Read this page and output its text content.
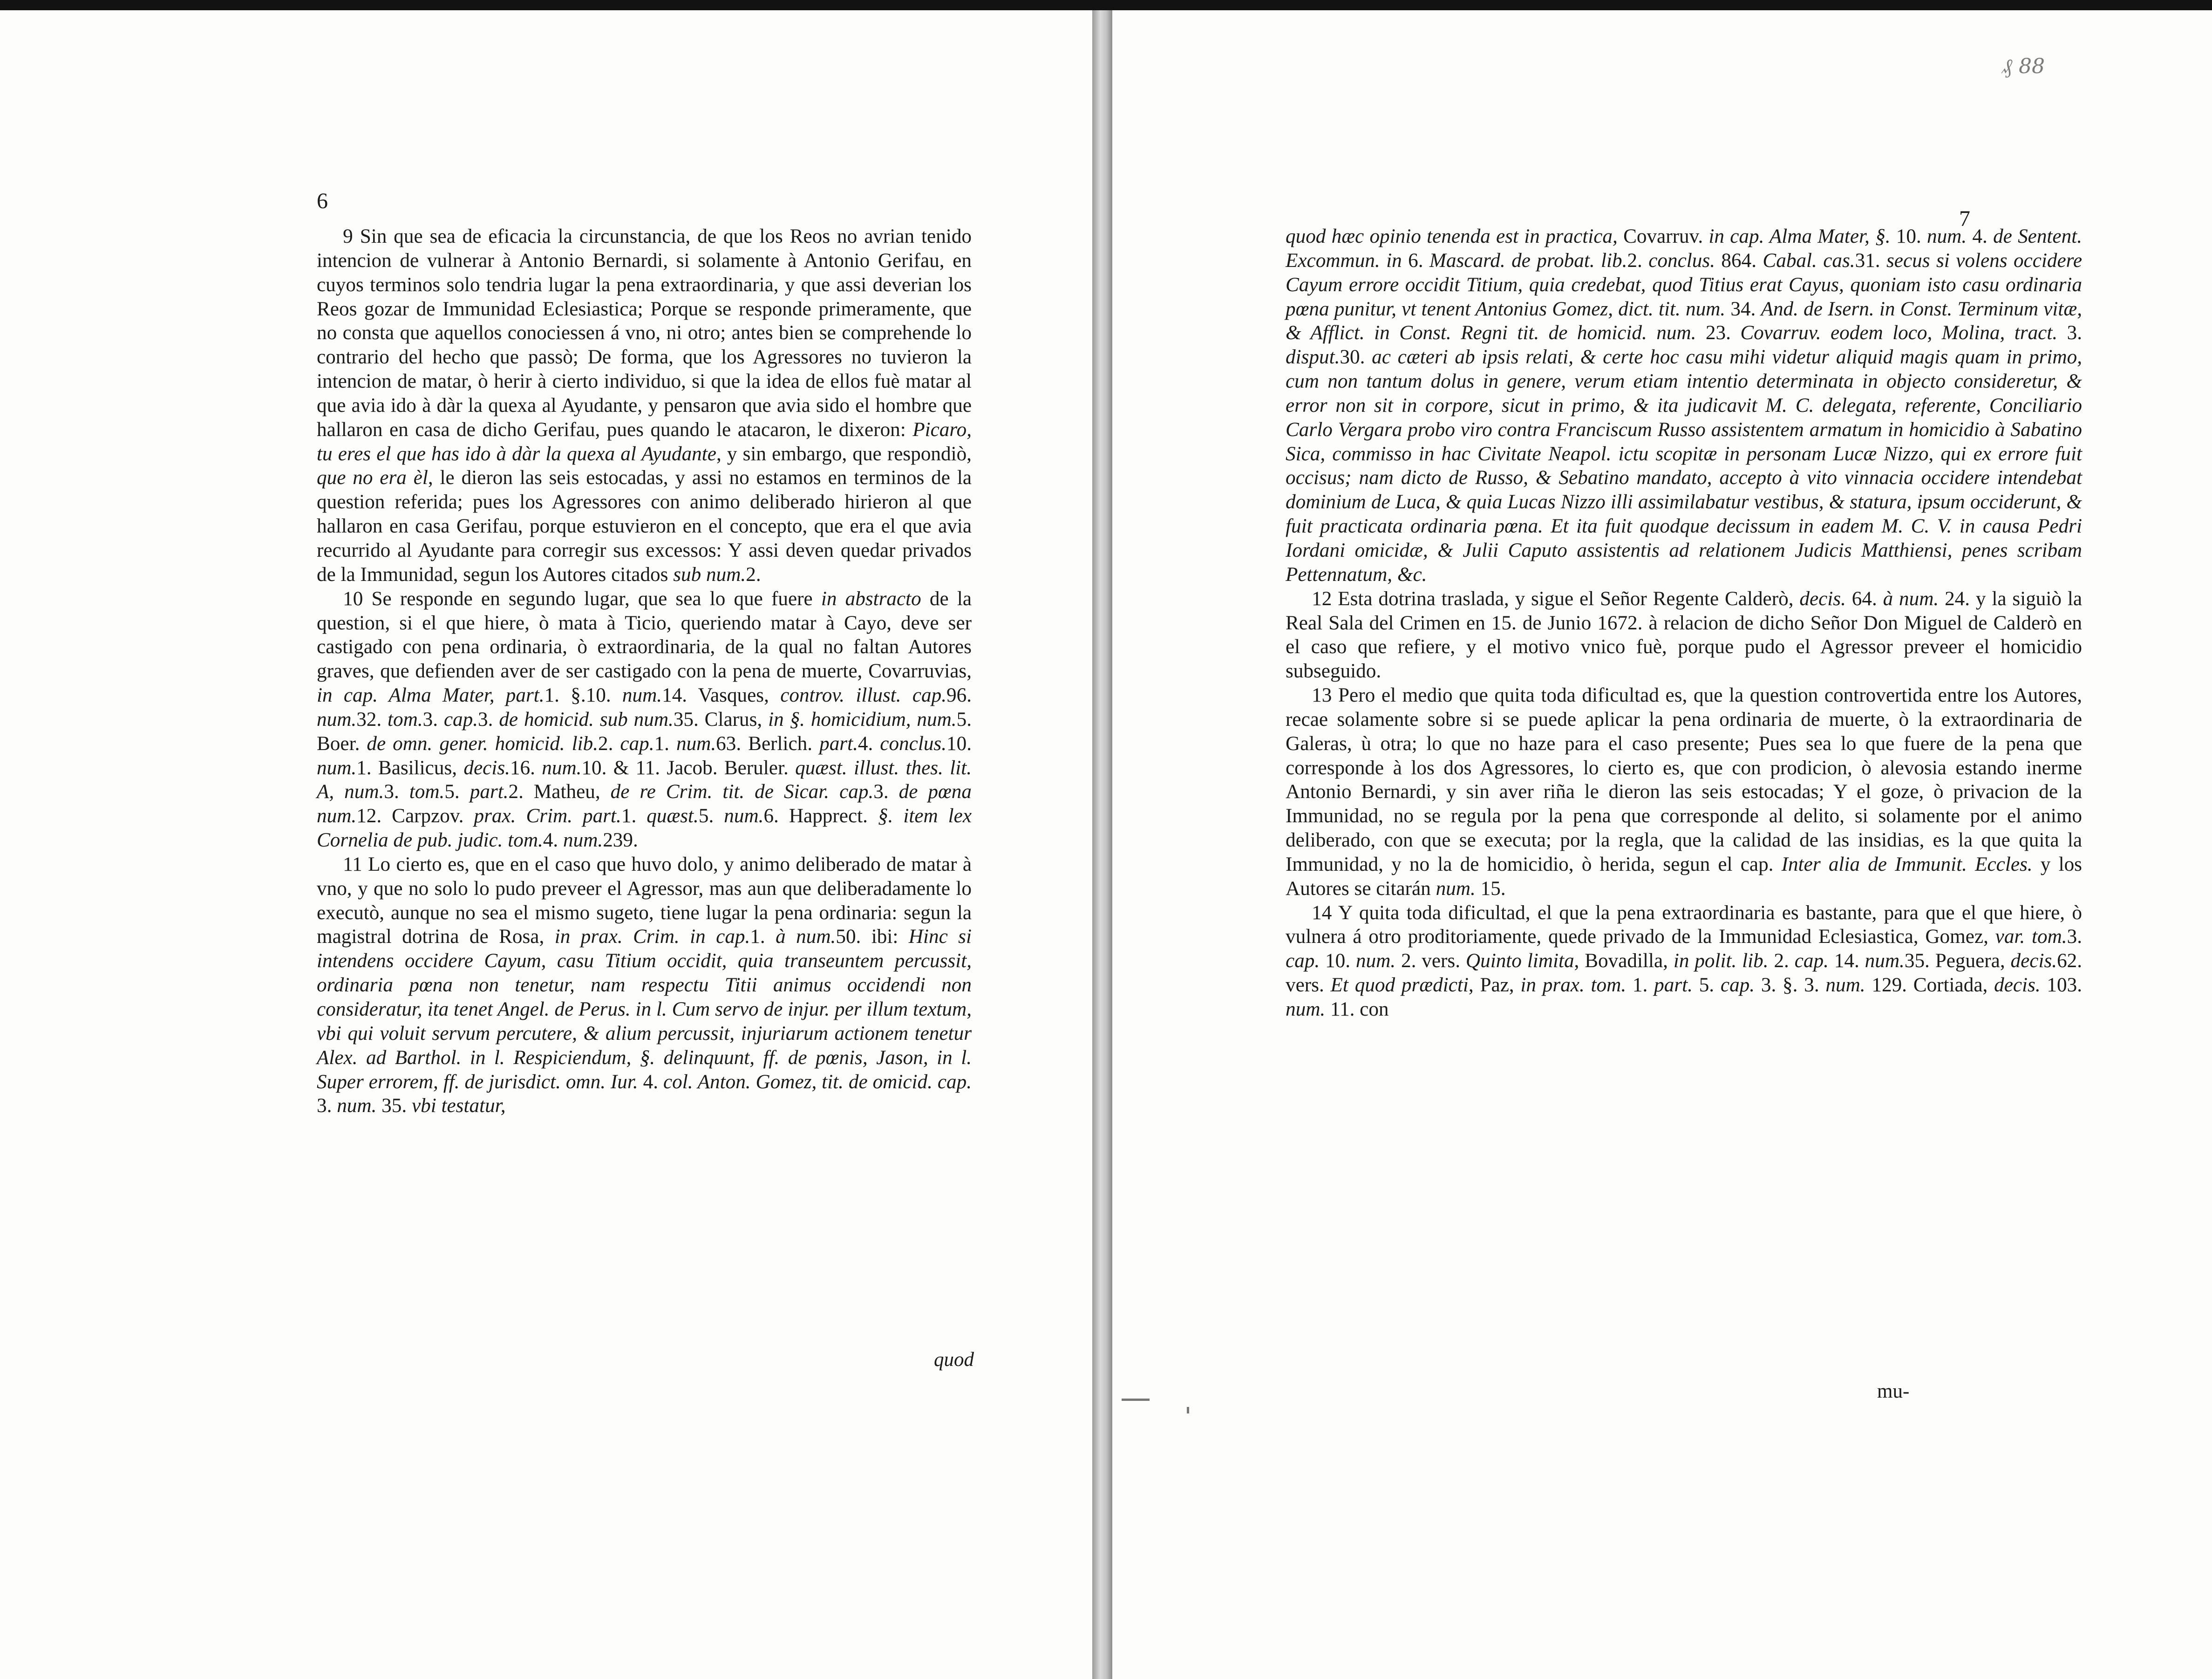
6

9 Sin que sea de eficacia la circunstancia, de que los Reos no avrian tenido intencion de vulnerar à Antonio Bernardi, si solamente à Antonio Gerifau, en cuyos terminos solo tendria lugar la pena extraordinaria, y que assi deverian los Reos gozar de Immunidad Eclesiastica; Porque se responde primeramente, que no consta que aquellos conociessen á vno, ni otro; antes bien se comprehende lo contrario del hecho que passò; De forma, que los Agressores no tuvieron la intencion de matar, ò herir à cierto individuo, si que la idea de ellos fuè matar al que avia ido à dàr la quexa al Ayudante, y pensaron que avia sido el hombre que hallaron en casa de dicho Gerifau, pues quando le atacaron, le dixeron: Picaro, tu eres el que has ido à dàr la quexa al Ayudante, y sin embargo, que respondiò, que no era èl, le dieron las seis estocadas, y assi no estamos en terminos de la question referida; pues los Agressores con animo deliberado hirieron al que hallaron en casa Gerifau, porque estuvieron en el concepto, que era el que avia recurrido al Ayudante para corregir sus excessos: Y assi deven quedar privados de la Immunidad, segun los Autores citados sub num.2.

10 Se responde en segundo lugar, que sea lo que fuere in abstracto de la question, si el que hiere, ò mata à Ticio, queriendo matar à Cayo, deve ser castigado con pena ordinaria, ò extraordinaria, de la qual no faltan Autores graves, que defienden aver de ser castigado con la pena de muerte, Covarruvias, in cap. Alma Mater, part.1. §.10. num.14. Vasques, controv. illust. cap.96. num.32. tom.3. cap.3. de homicid. sub num.35. Clarus, in §. homicidium, num.5. Boer. de omn. gener. homicid. lib.2. cap.1. num.63. Berlich. part.4. conclus.10. num.1. Basilicus, decis.16. num.10. & 11. Jacob. Beruler. quæst. illust. thes. lit. A, num.3. tom.5. part.2. Matheu, de re Crim. tit. de Sicar. cap.3. de pœna num.12. Carpzov. prax. Crim. part.1. quæst.5. num.6. Happrect. §. item lex Cornelia de pub. judic. tom.4. num.239.

11 Lo cierto es, que en el caso que huvo dolo, y animo deliberado de matar à vno, y que no solo lo pudo preveer el Agressor, mas aun que deliberadamente lo executò, aunque no sea el mismo sugeto, tiene lugar la pena ordinaria: segun la magistral dotrina de Rosa, in prax. Crim. in cap.1. à num.50. ibi: Hinc si intendens occidere Cayum, casu Titium occidit, quia transeuntem percussit, ordinaria pœna non tenetur, nam respectu Titii animus occidendi non consideratur, ita tenet Angel. de Perus. in l. Cum servo de injur. per illum textum, vbi qui voluit servum percutere, & alium percussit, injuriarum actionem tenetur Alex. ad Barthol. in l. Respiciendum, §. delinquunt, ff. de pœnis, Jason, in l. Super errorem, ff. de jurisdict. omn. Iur. 4. col. Anton. Gomez, tit. de omicid. cap. 3. num. 35. vbi testatur,

quod
₰ 88
7

quod hæc opinio tenenda est in practica, Covarruv. in cap. Alma Mater, §. 10. num. 4. de Sentent. Excommun. in 6. Mascard. de probat. lib.2. conclus. 864. Cabal. cas.31. secus si volens occidere Cayum errore occidit Titium, quia credebat, quod Titius erat Cayus, quoniam isto casu ordinaria pœna punitur, vt tenent Antonius Gomez, dict. tit. num. 34. And. de Isern. in Const. Terminum vitæ, & Afflict. in Const. Regni tit. de homicid. num. 23. Covarruv. eodem loco, Molina, tract. 3. disput.30. ac cæteri ab ipsis relati, & certe hoc casu mihi videtur aliquid magis quam in primo, cum non tantum dolus in genere, verum etiam intentio determinata in objecto consideretur, & error non sit in corpore, sicut in primo, & ita judicavit M. C. delegata, referente, Conciliario Carlo Vergara probo viro contra Franciscum Russo assistentem armatum in homicidio à Sabatino Sica, commisso in hac Civitate Neapol. ictu scopitæ in personam Lucæ Nizzo, qui ex errore fuit occisus; nam dicto de Russo, & Sebatino mandato, accepto à vito vinnacia occidere intendebat dominium de Luca, & quia Lucas Nizzo illi assimilabatur vestibus, & statura, ipsum occiderunt, & fuit practicata ordinaria pœna. Et ita fuit quodque decissum in eadem M. C. V. in causa Pedri Iordani omicidæ, & Julii Caputo assistentis ad relationem Judicis Matthiensi, penes scribam Pettennatum, &c.

12 Esta dotrina traslada, y sigue el Señor Regente Calderò, decis. 64. à num. 24. y la siguiò la Real Sala del Crimen en 15. de Junio 1672. à relacion de dicho Señor Don Miguel de Calderò en el caso que refiere, y el motivo vnico fuè, porque pudo el Agressor preveer el homicidio subseguido.

13 Pero el medio que quita toda dificultad es, que la question controvertida entre los Autores, recae solamente sobre si se puede aplicar la pena ordinaria de muerte, ò la extraordinaria de Galeras, ù otra; lo que no haze para el caso presente; Pues sea lo que fuere de la pena que corresponde à los dos Agressores, lo cierto es, que con prodicion, ò alevosia estando inerme Antonio Bernardi, y sin aver riña le dieron las seis estocadas; Y el goze, ò privacion de la Immunidad, no se regula por la pena que corresponde al delito, si solamente por el animo deliberado, con que se executa; por la regla, que la calidad de las insidias, es la que quita la Immunidad, y no la de homicidio, ò herida, segun el cap. Inter alia de Immunit. Eccles. y los Autores se citarán num. 15.

14 Y quita toda dificultad, el que la pena extraordinaria es bastante, para que el que hiere, ò vulnera á otro proditoriamente, quede privado de la Immunidad Eclesiastica, Gomez, var. tom.3. cap. 10. num. 2. vers. Quinto limita, Bovadilla, in polit. lib. 2. cap. 14. num.35. Peguera, decis.62. vers. Et quod prædicti, Paz, in prax. tom. 1. part. 5. cap. 3. §. 3. num. 129. Cortiada, decis. 103. num. 11. con

mu-
